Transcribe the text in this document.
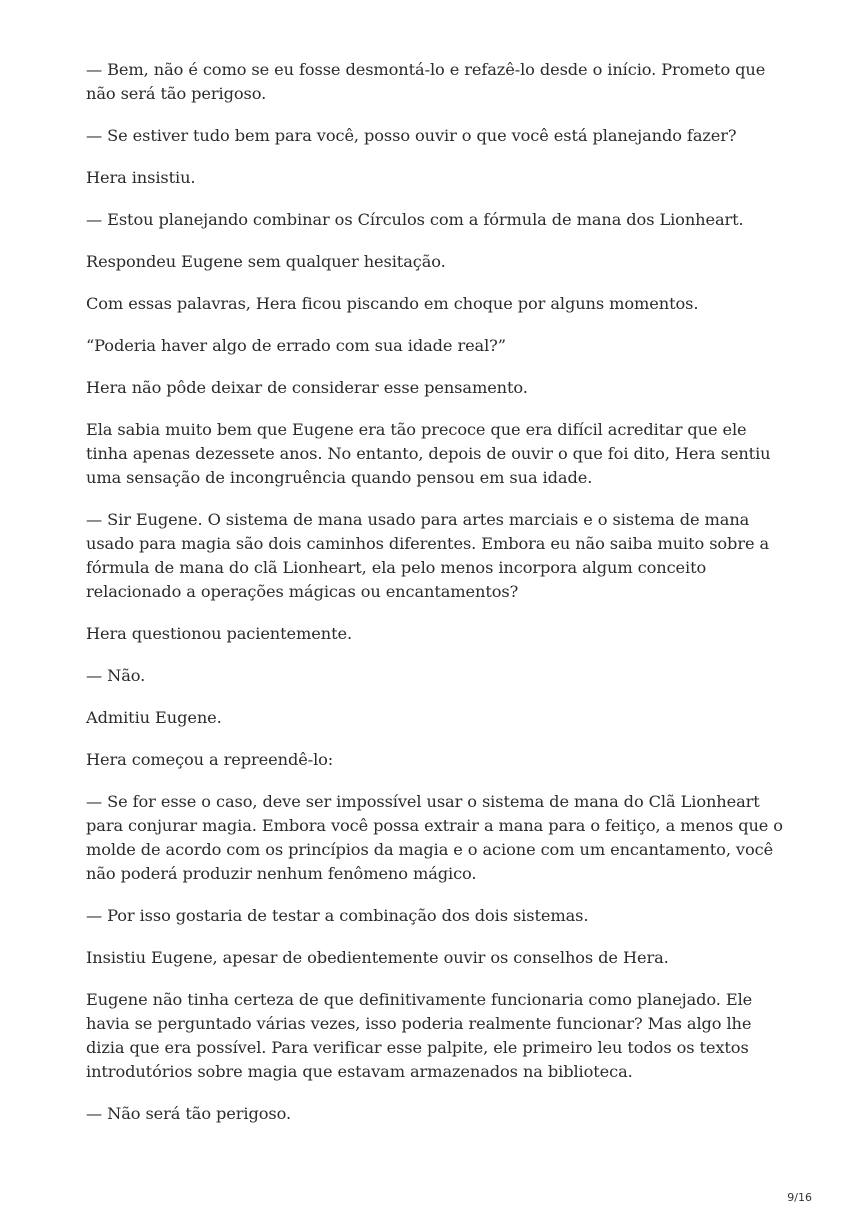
— Bem, não é como se eu fosse desmontá-lo e refazê-lo desde o início. Prometo que não será tão perigoso.

— Se estiver tudo bem para você, posso ouvir o que você está planejando fazer?

Hera insistiu.

— Estou planejando combinar os Círculos com a fórmula de mana dos Lionheart.

Respondeu Eugene sem qualquer hesitação.

Com essas palavras, Hera ficou piscando em choque por alguns momentos.

“Poderia haver algo de errado com sua idade real?”

Hera não pôde deixar de considerar esse pensamento.

Ela sabia muito bem que Eugene era tão precoce que era difícil acreditar que ele tinha apenas dezessete anos. No entanto, depois de ouvir o que foi dito, Hera sentiu uma sensação de incongruência quando pensou em sua idade.

— Sir Eugene. O sistema de mana usado para artes marciais e o sistema de mana usado para magia são dois caminhos diferentes. Embora eu não saiba muito sobre a fórmula de mana do clã Lionheart, ela pelo menos incorpora algum conceito relacionado a operações mágicas ou encantamentos?

Hera questionou pacientemente.

— Não.

Admitiu Eugene.

Hera começou a repreendê-lo:

— Se for esse o caso, deve ser impossível usar o sistema de mana do Clã Lionheart para conjurar magia. Embora você possa extrair a mana para o feitiço, a menos que o molde de acordo com os princípios da magia e o acione com um encantamento, você não poderá produzir nenhum fenômeno mágico.

— Por isso gostaria de testar a combinação dos dois sistemas.

Insistiu Eugene, apesar de obedientemente ouvir os conselhos de Hera.

Eugene não tinha certeza de que definitivamente funcionaria como planejado. Ele havia se perguntado várias vezes, isso poderia realmente funcionar? Mas algo lhe dizia que era possível. Para verificar esse palpite, ele primeiro leu todos os textos introdutórios sobre magia que estavam armazenados na biblioteca.

— Não será tão perigoso.

9/16
